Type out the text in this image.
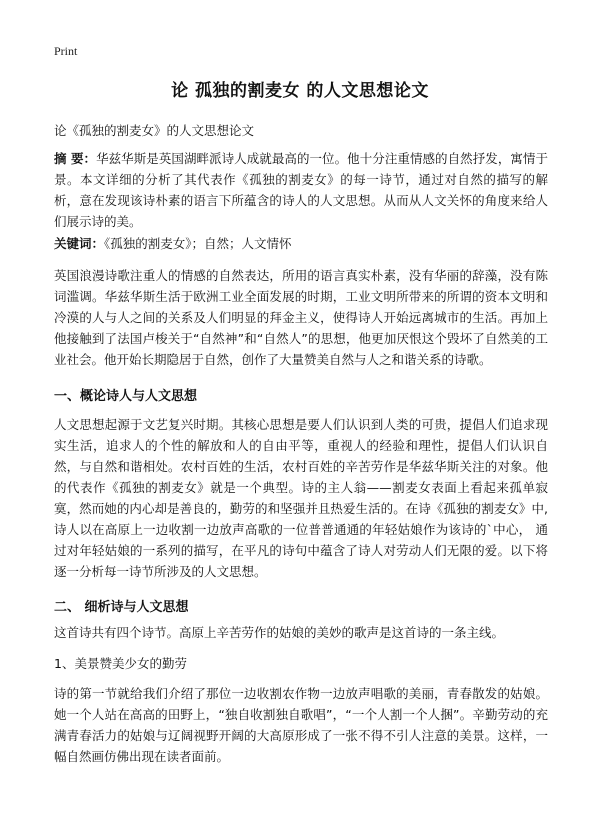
Print
论 孤独的割麦女 的人文思想论文
论《孤独的割麦女》的人文思想论文
摘 要：华兹华斯是英国湖畔派诗人成就最高的一位。他十分注重情感的自然抒发，寓情于景。本文详细的分析了其代表作《孤独的割麦女》的每一诗节，通过对自然的描写的解析，意在发现该诗朴素的语言下所蕴含的诗人的人文思想。从而从人文关怀的角度来给人们展示诗的美。
关键词：《孤独的割麦女》；自然；人文情怀
英国浪漫诗歌注重人的情感的自然表达，所用的语言真实朴素，没有华丽的辞藻，没有陈词滥调。华兹华斯生活于欧洲工业全面发展的时期，工业文明所带来的所谓的资本文明和冷漠的人与人之间的关系及人们明显的拜金主义，使得诗人开始远离城市的生活。再加上他接触到了法国卢梭关于“自然神”和“自然人”的思想，他更加厌恨这个毁坏了自然美的工业社会。他开始长期隐居于自然，创作了大量赞美自然与人之和谐关系的诗歌。
一、概论诗人与人文思想
人文思想起源于文艺复兴时期。其核心思想是要人们认识到人类的可贵，提倡人们追求现实生活，追求人的个性的解放和人的自由平等，重视人的经验和理性，提倡人们认识自然，与自然和谐相处。农村百姓的生活，农村百姓的辛苦劳作是华兹华斯关注的对象。他的代表作《孤独的割麦女》就是一个典型。诗的主人翁——割麦女表面上看起来孤单寂寞，然而她的内心却是善良的，勤劳的和坚强并且热爱生活的。在诗《孤独的割麦女》中,诗人以在高原上一边收割一边放声高歌的一位普普通通的年轻姑娘作为该诗的`中心， 通过对年轻姑娘的一系列的描写，在平凡的诗句中蕴含了诗人对劳动人们无限的爱。以下将逐一分析每一诗节所涉及的人文思想。
二、 细析诗与人文思想
这首诗共有四个诗节。高原上辛苦劳作的姑娘的美妙的歌声是这首诗的一条主线。
1、美景赞美少女的勤劳
诗的第一节就给我们介绍了那位一边收割农作物一边放声唱歌的美丽，青春散发的姑娘。她一个人站在高高的田野上，“独自收割独自歌唱”，“一个人割一个人捆”。辛勤劳动的充满青春活力的姑娘与辽阔视野开阔的大高原形成了一张不得不引人注意的美景。这样，一幅自然画仿佛出现在读者面前。
